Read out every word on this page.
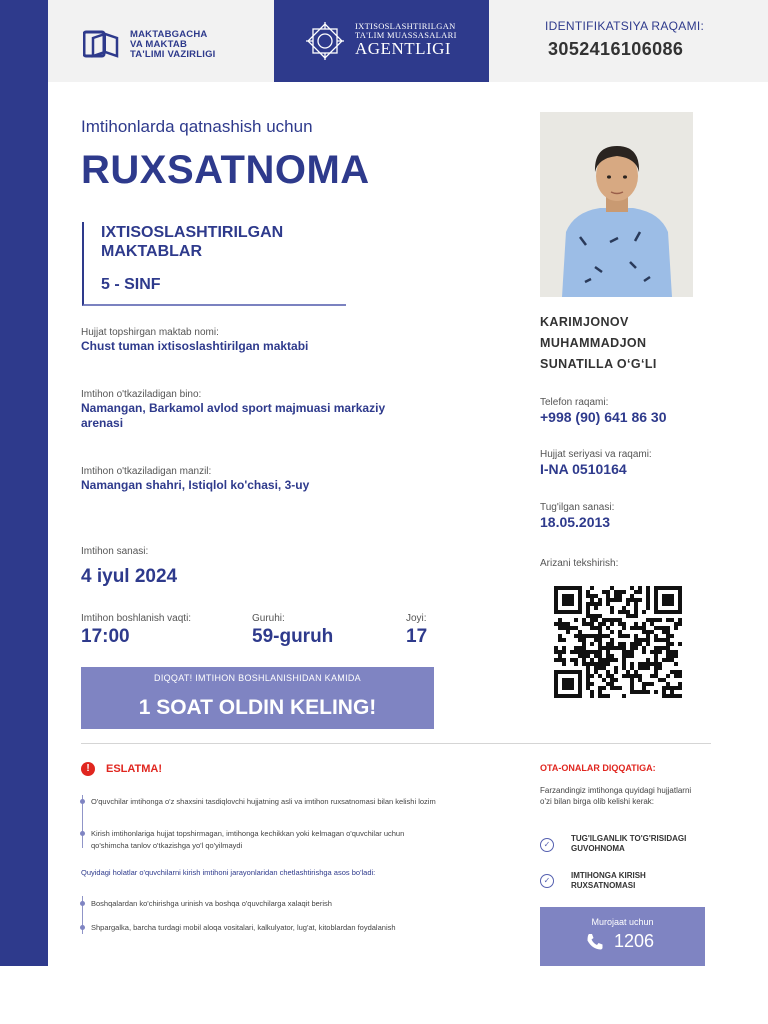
MAKTABGACHA
VA MAKTAB
TA'LIMI VAZIRLIGI
IXTISOSLASHTIRILGAN
TA'LIM MUASSASALARI
AGENTLIGI
IDENTIFIKATSIYA RAQAMI:
3052416106086
Imtihonlarda qatnashish uchun
RUXSATNOMA
IXTISOSLASHTIRILGAN MAKTABLAR
5 - SINF
Hujjat topshirgan maktab nomi:
Chust tuman ixtisoslashtirilgan maktabi
Imtihon o'tkaziladigan bino:
Namangan, Barkamol avlod sport majmuasi markaziy arenasi
Imtihon o'tkaziladigan manzil:
Namangan shahri, Istiqlol ko'chasi, 3-uy
Imtihon sanasi:
4 iyul 2024
Imtihon boshlanish vaqti:
17:00
Guruhi:
59-guruh
Joyi:
17
DIQQAT! IMTIHON BOSHLANISHIDAN KAMIDA
1 SOAT OLDIN KELING!
KARIMJONOV
MUHAMMADJON
SUNATILLA O‘G‘LI
Telefon raqami:
+998 (90) 641 86 30
Hujjat seriyasi va raqami:
I-NA 0510164
Tug'ilgan sanasi:
18.05.2013
Arizani tekshirish:
!	ESLATMA!
O'quvchilar imtihonga o'z shaxsini tasdiqlovchi hujjatning asli va imtihon ruxsatnomasi bilan kelishi lozim
Kirish imtihonlariga hujjat topshirmagan, imtihonga kechikkan yoki kelmagan o'quvchilar uchun qo'shimcha tanlov o'tkazishga yo'l qo'yilmaydi
Quyidagi holatlar o'quvchilarni kirish imtihoni jarayonlaridan chetlashtirishga asos bo'ladi:
Boshqalardan ko'chirishga urinish va boshqa o'quvchilarga xalaqit berish
Shpargalka, barcha turdagi mobil aloqa vositalari, kalkulyator, lug'at, kitoblardan foydalanish
OTA-ONALAR DIQQATIGA:
Farzandingiz imtihonga quyidagi hujjatlarni o'zi bilan birga olib kelishi kerak:
✓
TUG'ILGANLIK TO'G'RISIDAGI GUVOHNOMA
✓
IMTIHONGA KIRISH RUXSATNOMASI
Murojaat uchun
1206
